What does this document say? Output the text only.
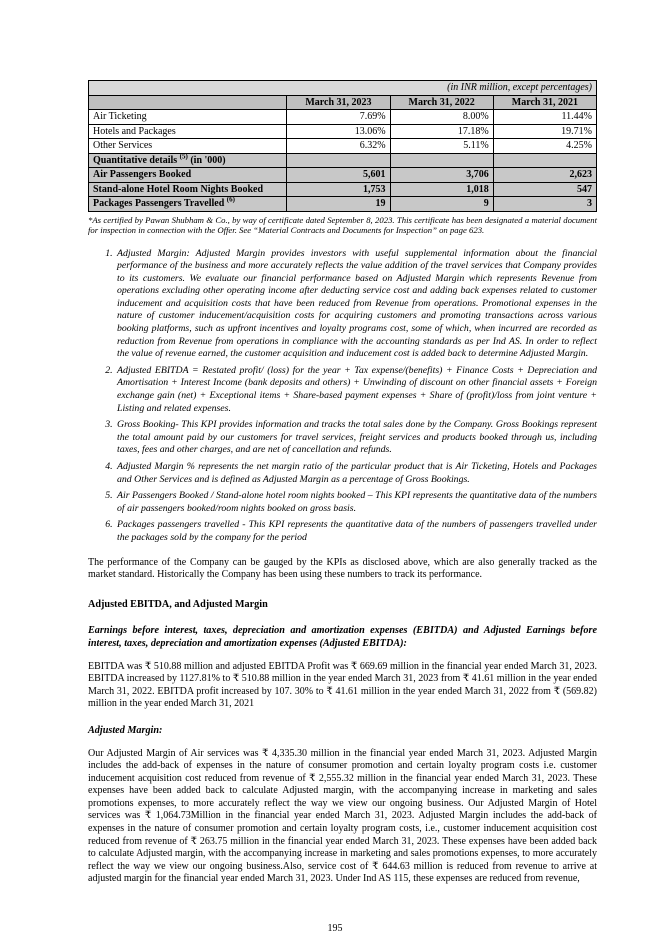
(in INR million, except percentages)			
	March 31, 2023	March 31, 2022	March 31, 2021
Air Ticketing	7.69%	8.00%	11.44%
Hotels and Packages	13.06%	17.18%	19.71%
Other Services	6.32%	5.11%	4.25%
Quantitative details $^{(5)}$ (in '000)			
Air Passengers Booked	5,601	3,706	2,623
Stand-alone Hotel Room Nights Booked	1,753	1,018	547
Packages Passengers Travelled $^{(6)}$	19	9	3

*As certified by Pawan Shubham & Co., by way of certificate dated September 8, 2023. This certificate has been designated a material document for inspection in connection with the Offer. See “Material Contracts and Documents for Inspection” on page 623.

1. Adjusted Margin: Adjusted Margin provides investors with useful supplemental information about the financial performance of the business and more accurately reflects the value addition of the travel services that Company provides to its customers. We evaluate our financial performance based on Adjusted Margin which represents Revenue from operations excluding other operating income after deducting service cost and adding back expenses related to customer inducement and acquisition costs that have been reduced from Revenue from operations. Promotional expenses in the nature of customer inducement/acquisition costs for acquiring customers and promoting transactions across various booking platforms, such as upfront incentives and loyalty programs cost, some of which, when incurred are recorded as reduction from Revenue from operations in compliance with the accounting standards as per Ind AS. In order to reflect the value of revenue earned, the customer acquisition and inducement cost is added back to determine Adjusted Margin.
2. Adjusted EBITDA = Restated profit/ (loss) for the year + Tax expense/(benefits) + Finance Costs + Depreciation and Amortisation + Interest Income (bank deposits and others) + Unwinding of discount on other financial assets + Foreign exchange gain (net) + Exceptional items + Share-based payment expenses + Share of (profit)/loss from joint venture + Listing and related expenses.
3. Gross Booking- This KPI provides information and tracks the total sales done by the Company. Gross Bookings represent the total amount paid by our customers for travel services, freight services and products booked through us, including taxes, fees and other charges, and are net of cancellation and refunds.
4. Adjusted Margin % represents the net margin ratio of the particular product that is Air Ticketing, Hotels and Packages and Other Services and is defined as Adjusted Margin as a percentage of Gross Bookings.
5. Air Passengers Booked / Stand-alone hotel room nights booked – This KPI represents the quantitative data of the numbers of air passengers booked/room nights booked on gross basis.
6. Packages passengers travelled - This KPI represents the quantitative data of the numbers of passengers travelled under the packages sold by the company for the period

The performance of the Company can be gauged by the KPIs as disclosed above, which are also generally tracked as the market standard. Historically the Company has been using these numbers to track its performance.

Adjusted EBITDA, and Adjusted Margin
Earnings before interest, taxes, depreciation and amortization expenses (EBITDA) and Adjusted Earnings before interest, taxes, depreciation and amortization expenses (Adjusted EBITDA):

EBITDA was ₹ 510.88 million and adjusted EBITDA Profit was ₹ 669.69 million in the financial year ended March 31, 2023. EBITDA increased by 1127.81% to ₹ 510.88 million in the year ended March 31, 2023 from ₹ 41.61 million in the year ended March 31, 2022. EBITDA profit increased by 107. 30% to ₹ 41.61 million in the year ended March 31, 2022 from ₹ (569.82) million in the year ended March 31, 2021

Adjusted Margin:

Our Adjusted Margin of Air services was ₹ 4,335.30 million in the financial year ended March 31, 2023. Adjusted Margin includes the add-back of expenses in the nature of consumer promotion and certain loyalty program costs i.e. customer inducement acquisition cost reduced from revenue of ₹ 2,555.32 million in the financial year ended March 31, 2023. These expenses have been added back to calculate Adjusted margin, with the accompanying increase in marketing and sales promotions expenses, to more accurately reflect the way we view our ongoing business. Our Adjusted Margin of Hotel services was ₹ 1,064.73Million in the financial year ended March 31, 2023. Adjusted Margin includes the add-back of expenses in the nature of consumer promotion and certain loyalty program costs, i.e., customer inducement acquisition cost reduced from revenue of ₹ 263.75 million in the financial year ended March 31, 2023. These expenses have been added back to calculate Adjusted margin, with the accompanying increase in marketing and sales promotions expenses, to more accurately reflect the way we view our ongoing business.Also, service cost of ₹ 644.63 million is reduced from revenue to arrive at adjusted margin for the financial year ended March 31, 2023. Under Ind AS 115, these expenses are reduced from revenue,

195
